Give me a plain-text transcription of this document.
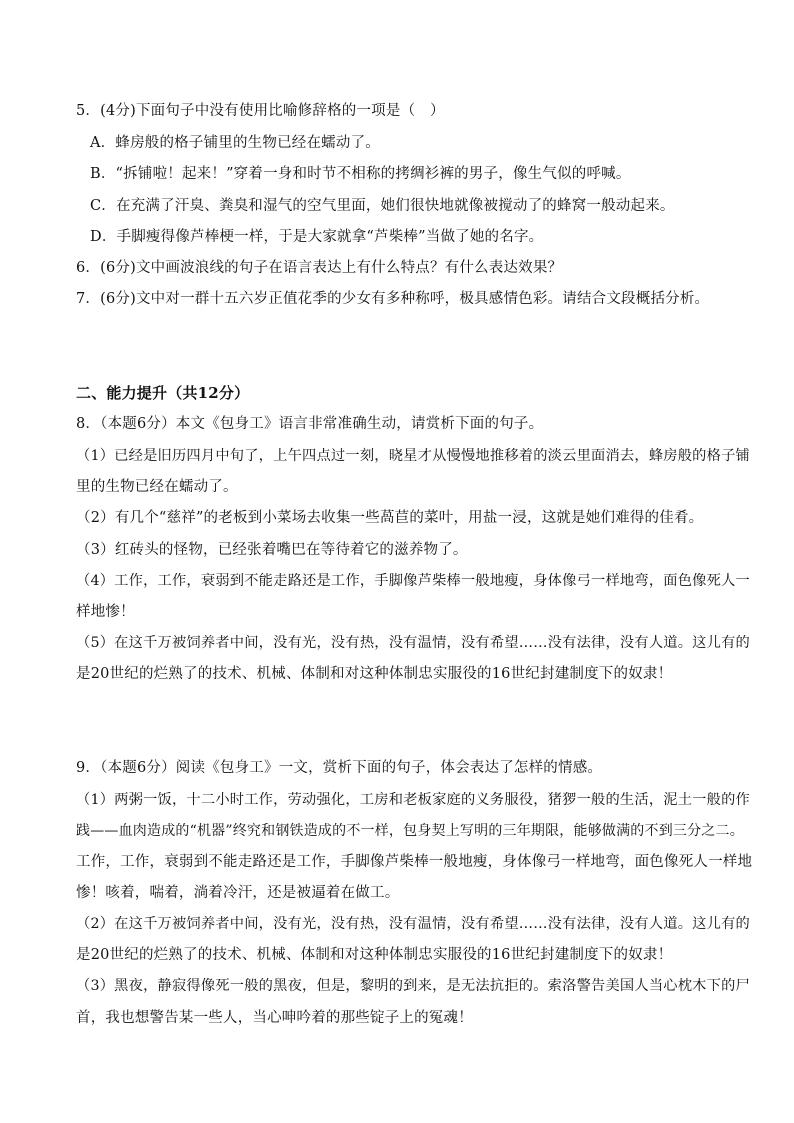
5．(4分)下面句子中没有使用比喻修辞格的一项是（　）
A．蜂房般的格子铺里的生物已经在蠕动了。
B．“拆铺啦！起来！”穿着一身和时节不相称的拷绸衫裤的男子，像生气似的呼喊。
C．在充满了汗臭、粪臭和湿气的空气里面，她们很快地就像被搅动了的蜂窝一般动起来。
D．手脚瘦得像芦棒梗一样，于是大家就拿“芦柴棒”当做了她的名字。
6．(6分)文中画波浪线的句子在语言表达上有什么特点？有什么表达效果？
7．(6分)文中对一群十五六岁正值花季的少女有多种称呼，极具感情色彩。请结合文段概括分析。
二、能力提升（共12分）
8．（本题6分）本文《包身工》语言非常准确生动，请赏析下面的句子。
（1）已经是旧历四月中旬了，上午四点过一刻，晓星才从慢慢地推移着的淡云里面消去，蜂房般的格子铺
里的生物已经在蠕动了。
（2）有几个“慈祥”的老板到小菜场去收集一些萵苣的菜叶，用盐一浸，这就是她们难得的佳肴。
（3）红砖头的怪物，已经张着嘴巴在等待着它的滋养物了。
（4）工作，工作，衰弱到不能走路还是工作，手脚像芦柴棒一般地瘦，身体像弓一样地弯，面色像死人一
样地惨！
（5）在这千万被饲养者中间，没有光，没有热，没有温情，没有希望……没有法律，没有人道。这儿有的
是20世纪的烂熟了的技术、机械、体制和对这种体制忠实服役的16世纪封建制度下的奴隶！
9．（本题6分）阅读《包身工》一文，赏析下面的句子，体会表达了怎样的情感。
（1）两粥一饭，十二小时工作，劳动强化，工房和老板家庭的义务服役，猪猡一般的生活，泥土一般的作
践——血肉造成的“机器”终究和钢铁造成的不一样，包身契上写明的三年期限，能够做满的不到三分之二。
工作，工作，衰弱到不能走路还是工作，手脚像芦柴棒一般地瘦，身体像弓一样地弯，面色像死人一样地
惨！咳着，喘着，淌着冷汗，还是被逼着在做工。
（2）在这千万被饲养者中间，没有光，没有热，没有温情，没有希望……没有法律，没有人道。这儿有的
是20世纪的烂熟了的技术、机械、体制和对这种体制忠实服役的16世纪封建制度下的奴隶！
（3）黑夜，静寂得像死一般的黑夜，但是，黎明的到来，是无法抗拒的。索洛警告美国人当心枕木下的尸
首，我也想警告某一些人，当心呻吟着的那些锭子上的冤魂！
